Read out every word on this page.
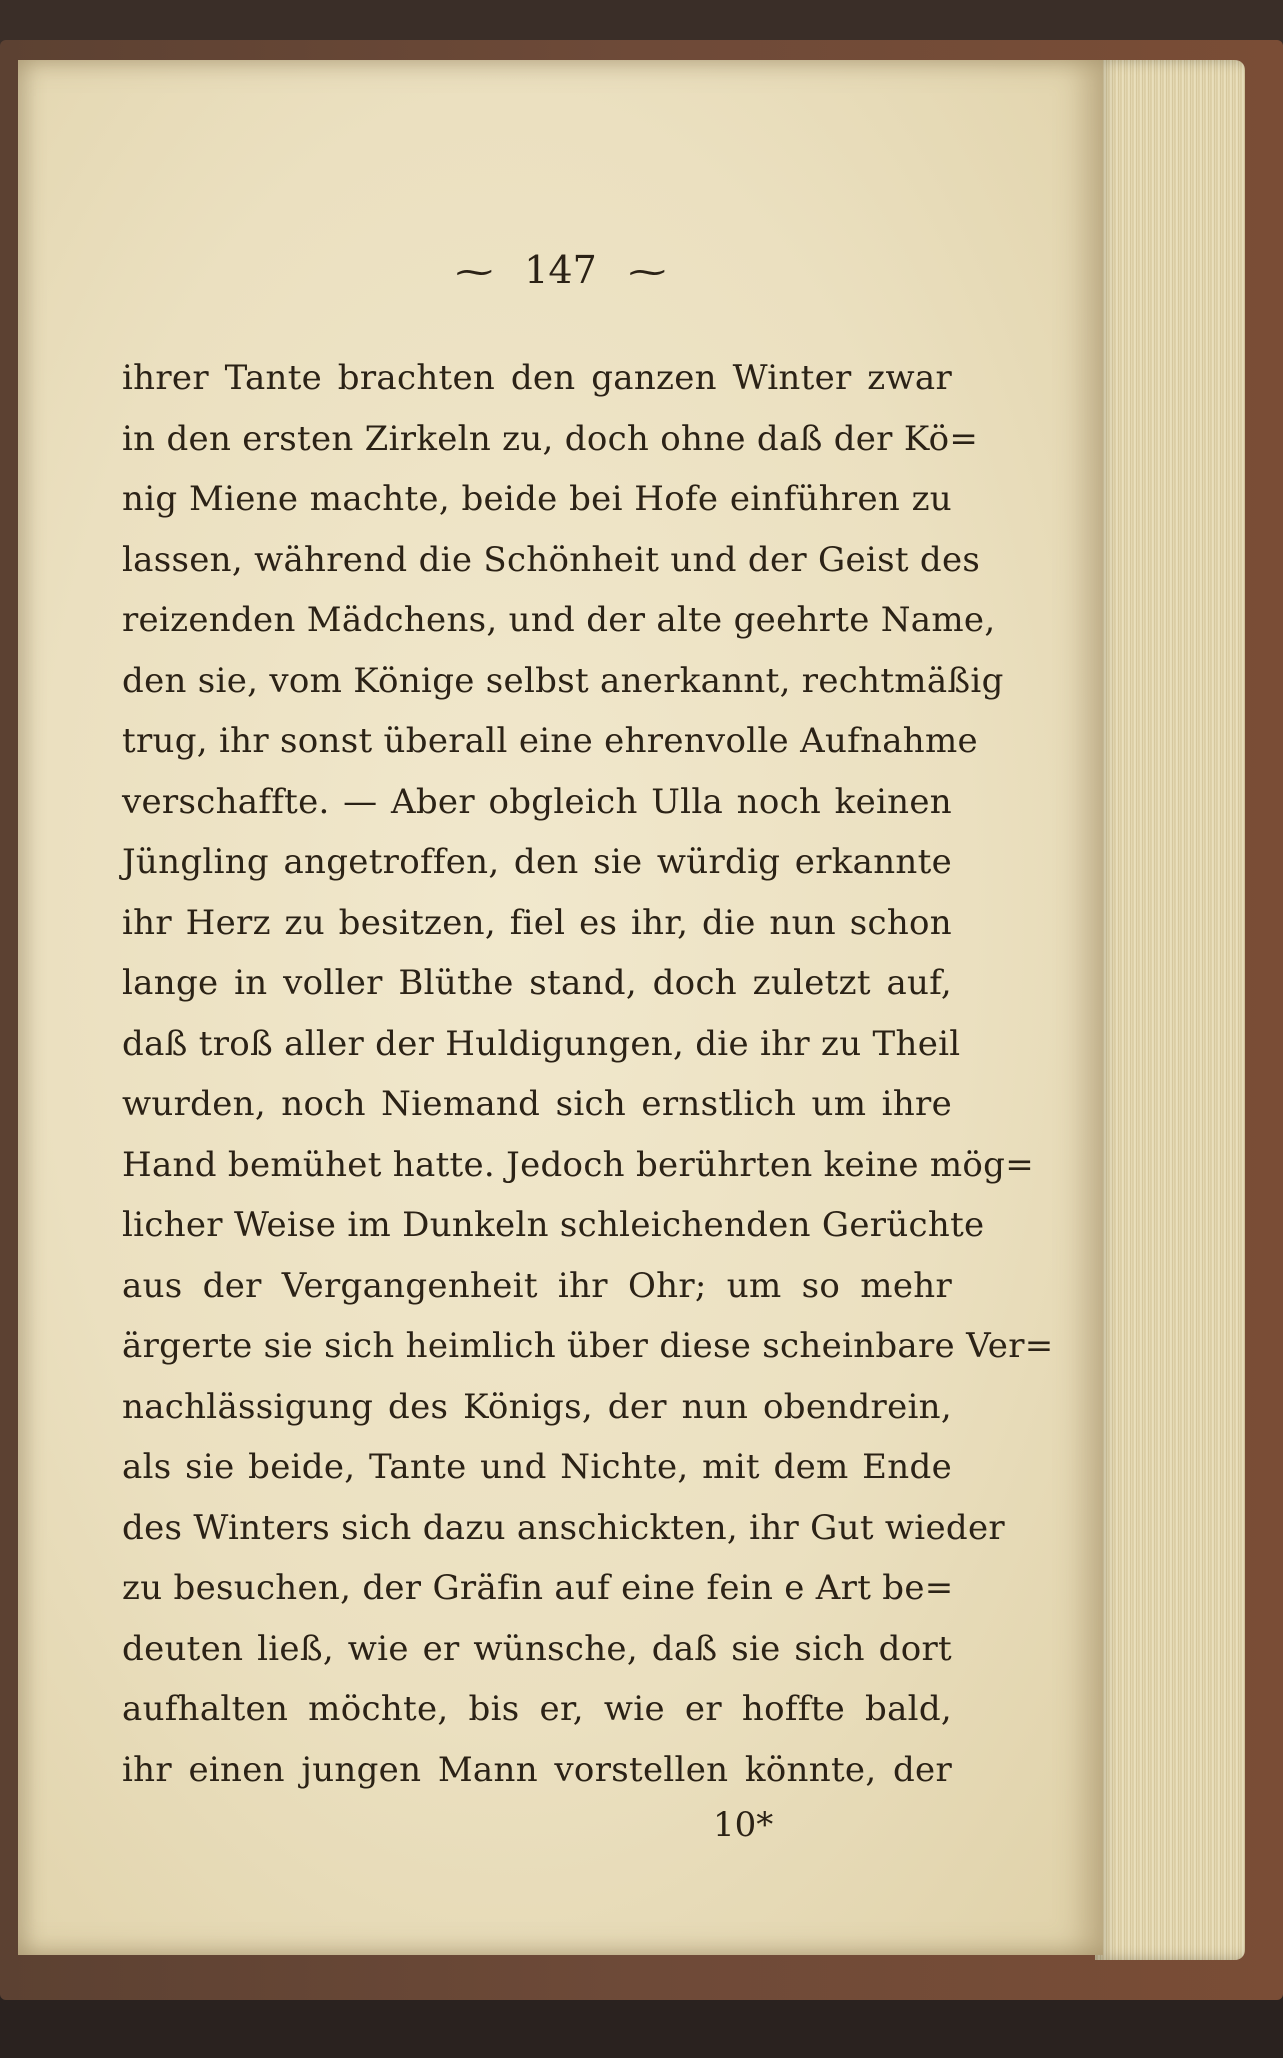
~ 147 ~
ihrer Tante brachten den ganzen Winter zwar
in den ersten Zirkeln zu, doch ohne daß der Kö=
nig Miene machte, beide bei Hofe einführen zu
lassen, während die Schönheit und der Geist des
reizenden Mädchens, und der alte geehrte Name,
den sie, vom Könige selbst anerkannt, rechtmäßig
trug, ihr sonst überall eine ehrenvolle Aufnahme
verschaffte. — Aber obgleich Ulla noch keinen
Jüngling angetroffen, den sie würdig erkannte
ihr Herz zu besitzen, fiel es ihr, die nun schon
lange in voller Blüthe stand, doch zuletzt auf,
daß troß aller der Huldigungen, die ihr zu Theil
wurden, noch Niemand sich ernstlich um ihre
Hand bemühet hatte. Jedoch berührten keine mög=
licher Weise im Dunkeln schleichenden Gerüchte
aus der Vergangenheit ihr Ohr; um so mehr
ärgerte sie sich heimlich über diese scheinbare Ver=
nachlässigung des Königs, der nun obendrein,
als sie beide, Tante und Nichte, mit dem Ende
des Winters sich dazu anschickten, ihr Gut wieder
zu besuchen, der Gräfin auf eine fein e Art be=
deuten ließ, wie er wünsche, daß sie sich dort
aufhalten möchte, bis er, wie er hoffte bald,
ihr einen jungen Mann vorstellen könnte, der
10*
